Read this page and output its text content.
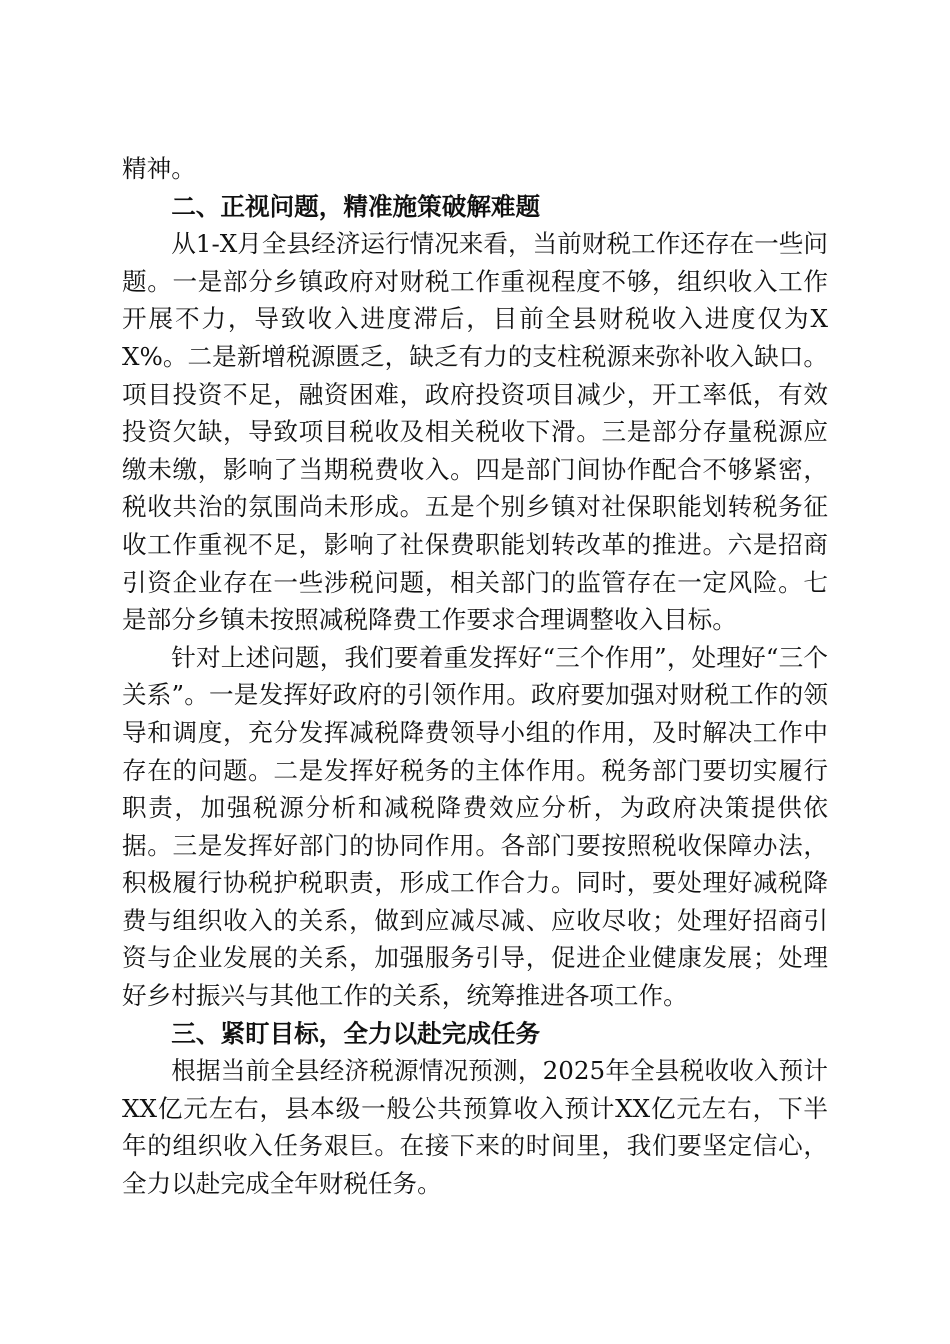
精神。

二、正视问题，精准施策破解难题

从1-X月全县经济运行情况来看，当前财税工作还存在一些问题。一是部分乡镇政府对财税工作重视程度不够，组织收入工作开展不力，导致收入进度滞后，目前全县财税收入进度仅为XX%。二是新增税源匮乏，缺乏有力的支柱税源来弥补收入缺口。项目投资不足，融资困难，政府投资项目减少，开工率低，有效投资欠缺，导致项目税收及相关税收下滑。三是部分存量税源应缴未缴，影响了当期税费收入。四是部门间协作配合不够紧密，税收共治的氛围尚未形成。五是个别乡镇对社保职能划转税务征收工作重视不足，影响了社保费职能划转改革的推进。六是招商引资企业存在一些涉税问题，相关部门的监管存在一定风险。七是部分乡镇未按照减税降费工作要求合理调整收入目标。

针对上述问题，我们要着重发挥好“三个作用”，处理好“三个关系”。一是发挥好政府的引领作用。政府要加强对财税工作的领导和调度，充分发挥减税降费领导小组的作用，及时解决工作中存在的问题。二是发挥好税务的主体作用。税务部门要切实履行职责，加强税源分析和减税降费效应分析，为政府决策提供依据。三是发挥好部门的协同作用。各部门要按照税收保障办法，积极履行协税护税职责，形成工作合力。同时，要处理好减税降费与组织收入的关系，做到应减尽减、应收尽收；处理好招商引资与企业发展的关系，加强服务引导，促进企业健康发展；处理好乡村振兴与其他工作的关系，统筹推进各项工作。

三、紧盯目标，全力以赴完成任务

根据当前全县经济税源情况预测，2025年全县税收收入预计XX亿元左右，县本级一般公共预算收入预计XX亿元左右，下半年的组织收入任务艰巨。在接下来的时间里，我们要坚定信心，全力以赴完成全年财税任务。
